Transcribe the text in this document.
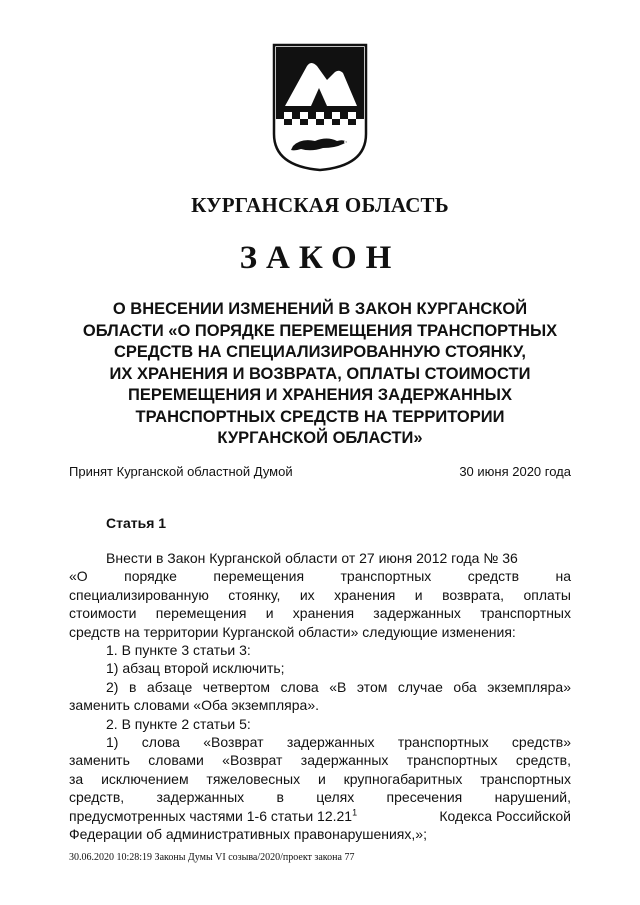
КУРГАНСКАЯ ОБЛАСТЬ
ЗАКОН
О ВНЕСЕНИИ ИЗМЕНЕНИЙ В ЗАКОН КУРГАНСКОЙ
ОБЛАСТИ «О ПОРЯДКЕ ПЕРЕМЕЩЕНИЯ ТРАНСПОРТНЫХ
СРЕДСТВ НА СПЕЦИАЛИЗИРОВАННУЮ СТОЯНКУ,
ИХ ХРАНЕНИЯ И ВОЗВРАТА, ОПЛАТЫ СТОИМОСТИ
ПЕРЕМЕЩЕНИЯ И ХРАНЕНИЯ ЗАДЕРЖАННЫХ
ТРАНСПОРТНЫХ СРЕДСТВ НА ТЕРРИТОРИИ
КУРГАНСКОЙ ОБЛАСТИ»
Принят Курганской областной Думой	30 июня 2020 года
Статья 1
Внести в Закон Курганской области от 27 июня 2012 года № 36
«О порядке перемещения транспортных средств на
специализированную стоянку, их хранения и возврата, оплаты
стоимости перемещения и хранения задержанных транспортных
средств на территории Курганской области» следующие изменения:
1. В пункте 3 статьи 3:
1) абзац второй исключить;
2) в абзаце четвертом слова «В этом случае оба экземпляра»
заменить словами «Оба экземпляра».
2. В пункте 2 статьи 5:
1) слова «Возврат задержанных транспортных средств»
заменить словами «Возврат задержанных транспортных средств,
за исключением тяжеловесных и крупногабаритных транспортных
средств, задержанных в целях пресечения нарушений,
предусмотренных частями 1-6 статьи 12.21$^1$	Кодекса Российской
Федерации об административных правонарушениях,»;
30.06.2020 10:28:19 Законы Думы VI созыва/2020/проект закона 77
